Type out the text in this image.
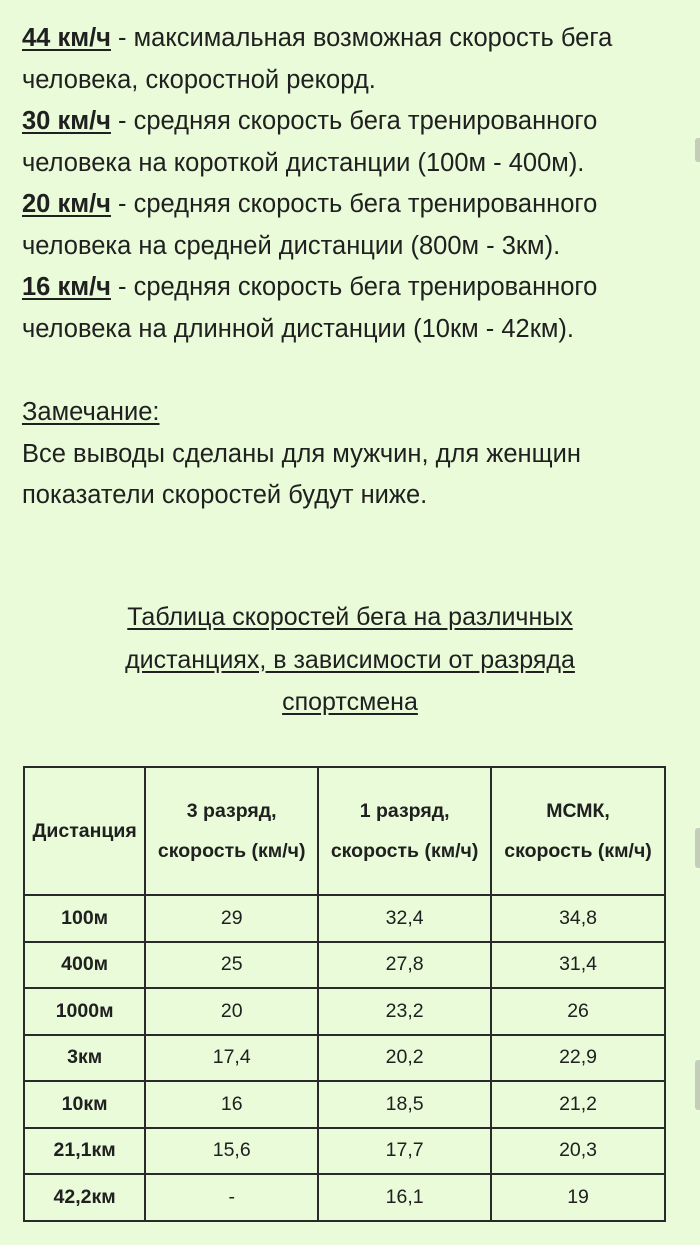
44 км/ч - максимальная возможная скорость бега человека, скоростной рекорд.

30 км/ч - средняя скорость бега тренированного человека на короткой дистанции (100м - 400м).

20 км/ч - средняя скорость бега тренированного человека на средней дистанции (800м - 3км).

16 км/ч - средняя скорость бега тренированного человека на длинной дистанции (10км - 42км).

Замечание:
Все выводы сделаны для мужчин, для женщин показатели скоростей будут ниже.
Таблица скоростей бега на различных
дистанциях, в зависимости от разряда
спортсмена
Дистанция	3 разряд, скорость (км/ч)	1 разряд, скорость (км/ч)	МСМК, скорость (км/ч)
100м	29	32,4	34,8
400м	25	27,8	31,4
1000м	20	23,2	26
3км	17,4	20,2	22,9
10км	16	18,5	21,2
21,1км	15,6	17,7	20,3
42,2км	-	16,1	19
